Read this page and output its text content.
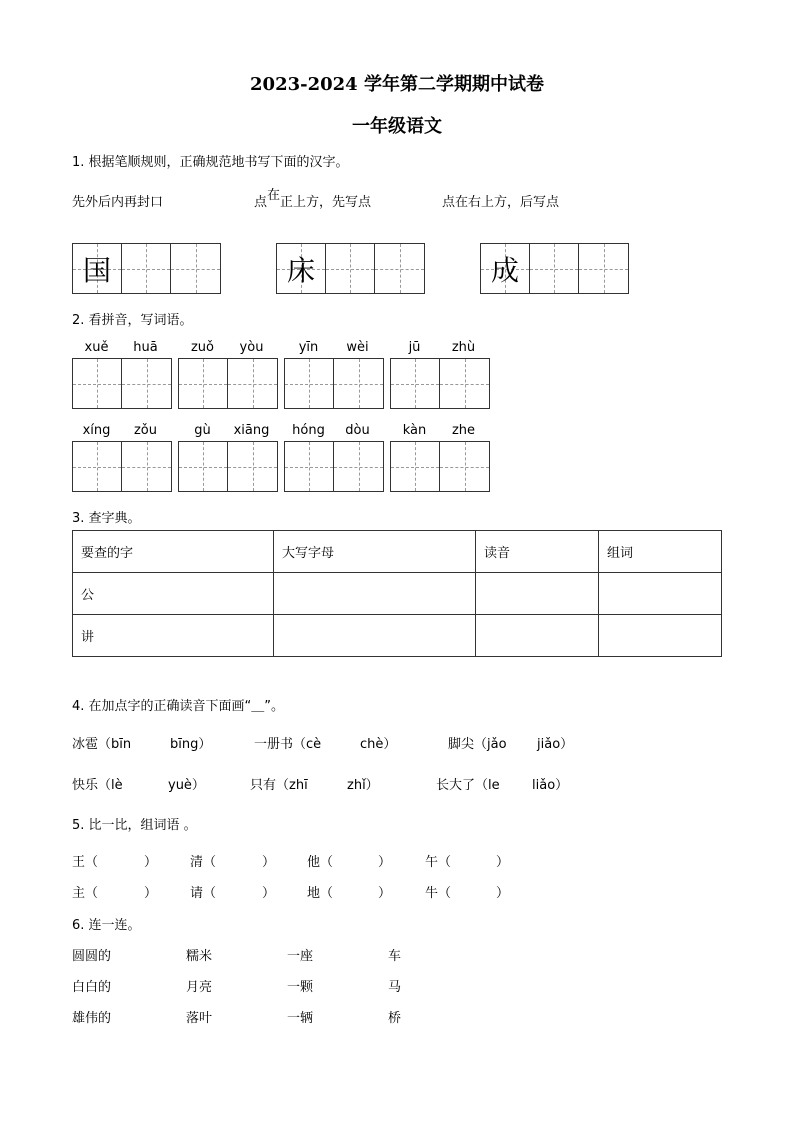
2023-2024 学年第二学期期中试卷
一年级语文
1. 根据笔顺规则，正确规范地书写下面的汉字。
先外后内再封口	点在正上方，先写点	点在右上方，后写点
国	床	成
2. 看拼音，写词语。
xuě	huā	zuǒ	yòu	yīn	wèi	jū	zhù
xíng	zǒu	gù	xiāng	hóng	dòu	kàn	zhe
3. 查字典。
要查的字	大写字母	读音	组词
公			
讲			
4. 在加点字的正确读音下面画“＿”。
冰雹（bīn	bīng）	一册书（cè	chè）	脚尖（jǎo jiǎo）
快乐（lè	yuè）	只有（zhī	zhǐ）	长大了（le liǎo）
5. 比一比，组词语 。
王（	）	清（	） 他（	）	午（	）
主（	）	请（	） 地（	）	牛（	）
6. 连一连。
圆圆的	糯米	一座	车
白白的	月亮	一颗	马
雄伟的	落叶	一辆	桥
